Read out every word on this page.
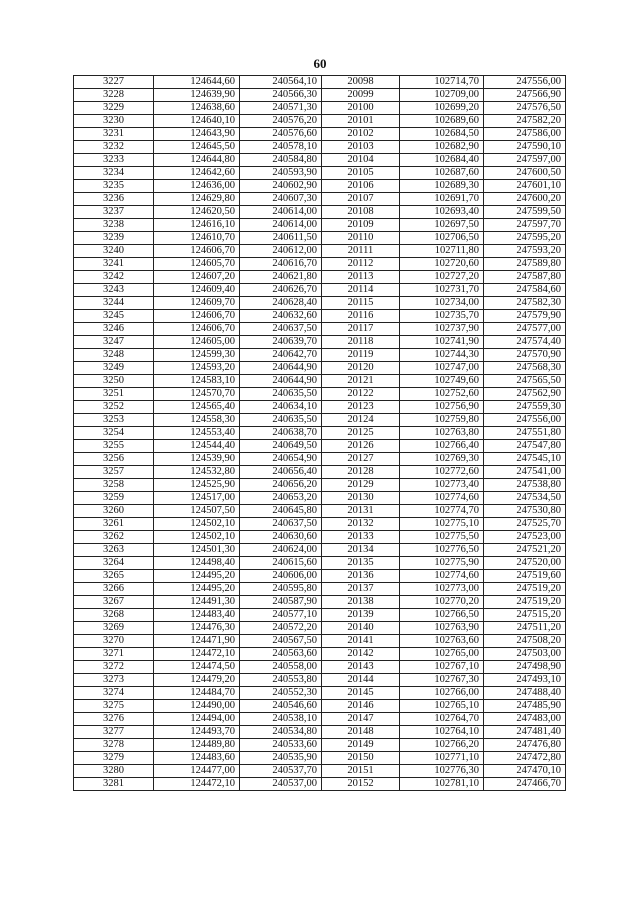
60
3227	124644,60	240564,10	20098	102714,70	247556,00
3228	124639,90	240566,30	20099	102709,00	247566,90
3229	124638,60	240571,30	20100	102699,20	247576,50
3230	124640,10	240576,20	20101	102689,60	247582,20
3231	124643,90	240576,60	20102	102684,50	247586,00
3232	124645,50	240578,10	20103	102682,90	247590,10
3233	124644,80	240584,80	20104	102684,40	247597,00
3234	124642,60	240593,90	20105	102687,60	247600,50
3235	124636,00	240602,90	20106	102689,30	247601,10
3236	124629,80	240607,30	20107	102691,70	247600,20
3237	124620,50	240614,00	20108	102693,40	247599,50
3238	124616,10	240614,00	20109	102697,50	247597,70
3239	124610,70	240611,50	20110	102706,50	247595,20
3240	124606,70	240612,00	20111	102711,80	247593,20
3241	124605,70	240616,70	20112	102720,60	247589,80
3242	124607,20	240621,80	20113	102727,20	247587,80
3243	124609,40	240626,70	20114	102731,70	247584,60
3244	124609,70	240628,40	20115	102734,00	247582,30
3245	124606,70	240632,60	20116	102735,70	247579,90
3246	124606,70	240637,50	20117	102737,90	247577,00
3247	124605,00	240639,70	20118	102741,90	247574,40
3248	124599,30	240642,70	20119	102744,30	247570,90
3249	124593,20	240644,90	20120	102747,00	247568,30
3250	124583,10	240644,90	20121	102749,60	247565,50
3251	124570,70	240635,50	20122	102752,60	247562,90
3252	124565,40	240634,10	20123	102756,90	247559,30
3253	124558,30	240635,50	20124	102759,80	247556,00
3254	124553,40	240638,70	20125	102763,80	247551,80
3255	124544,40	240649,50	20126	102766,40	247547,80
3256	124539,90	240654,90	20127	102769,30	247545,10
3257	124532,80	240656,40	20128	102772,60	247541,00
3258	124525,90	240656,20	20129	102773,40	247538,80
3259	124517,00	240653,20	20130	102774,60	247534,50
3260	124507,50	240645,80	20131	102774,70	247530,80
3261	124502,10	240637,50	20132	102775,10	247525,70
3262	124502,10	240630,60	20133	102775,50	247523,00
3263	124501,30	240624,00	20134	102776,50	247521,20
3264	124498,40	240615,60	20135	102775,90	247520,00
3265	124495,20	240606,00	20136	102774,60	247519,60
3266	124495,20	240595,80	20137	102773,00	247519,20
3267	124491,30	240587,90	20138	102770,20	247519,20
3268	124483,40	240577,10	20139	102766,50	247515,20
3269	124476,30	240572,20	20140	102763,90	247511,20
3270	124471,90	240567,50	20141	102763,60	247508,20
3271	124472,10	240563,60	20142	102765,00	247503,00
3272	124474,50	240558,00	20143	102767,10	247498,90
3273	124479,20	240553,80	20144	102767,30	247493,10
3274	124484,70	240552,30	20145	102766,00	247488,40
3275	124490,00	240546,60	20146	102765,10	247485,90
3276	124494,00	240538,10	20147	102764,70	247483,00
3277	124493,70	240534,80	20148	102764,10	247481,40
3278	124489,80	240533,60	20149	102766,20	247476,80
3279	124483,60	240535,90	20150	102771,10	247472,80
3280	124477,00	240537,70	20151	102776,30	247470,10
3281	124472,10	240537,00	20152	102781,10	247466,70
